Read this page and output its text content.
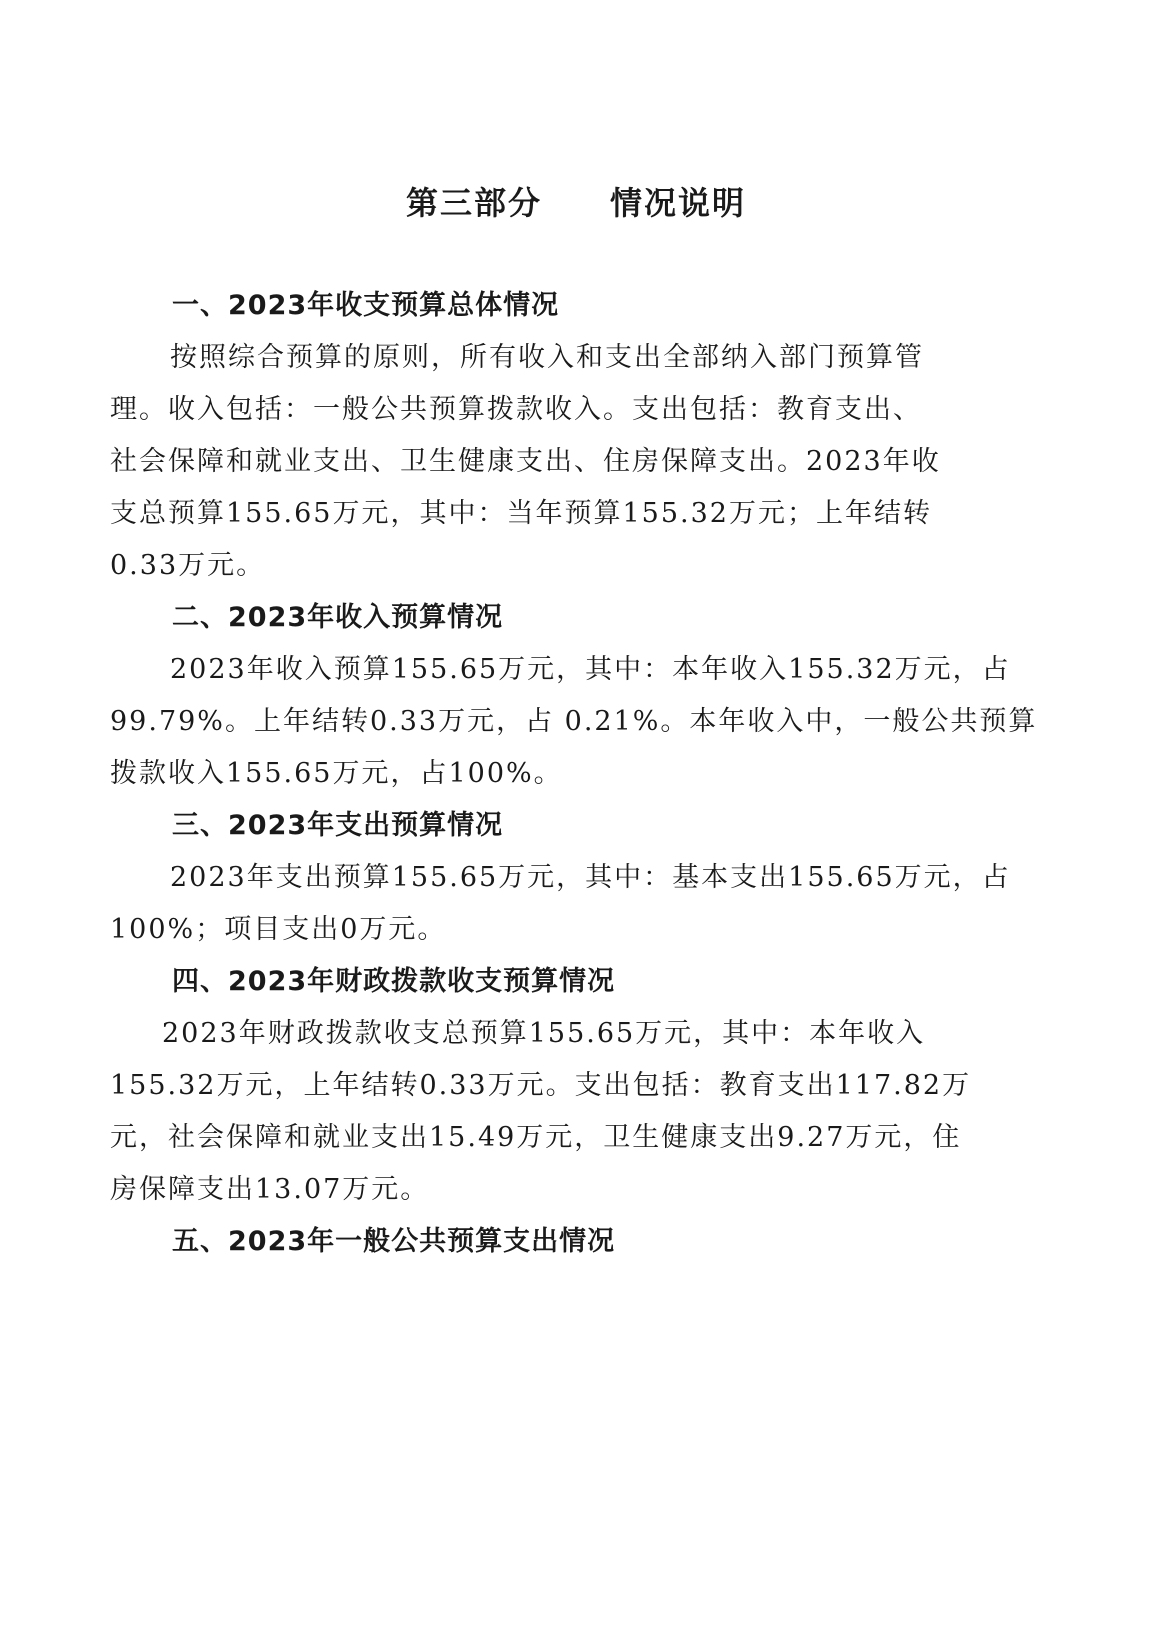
第三部分　　情况说明
一、2023年收支预算总体情况
按照综合预算的原则，所有收入和支出全部纳入部门预算管
理。收入包括：一般公共预算拨款收入。支出包括：教育支出、
社会保障和就业支出、卫生健康支出、住房保障支出。2023年收
支总预算155.65万元，其中：当年预算155.32万元；上年结转
0.33万元。
二、2023年收入预算情况
2023年收入预算155.65万元，其中：本年收入155.32万元，占
99.79%。上年结转0.33万元，占 0.21%。本年收入中，一般公共预算
拨款收入155.65万元，占100%。
三、2023年支出预算情况
2023年支出预算155.65万元，其中：基本支出155.65万元，占
100%；项目支出0万元。
四、2023年财政拨款收支预算情况
2023年财政拨款收支总预算155.65万元，其中：本年收入
155.32万元，上年结转0.33万元。支出包括：教育支出117.82万
元，社会保障和就业支出15.49万元，卫生健康支出9.27万元，住
房保障支出13.07万元。
五、2023年一般公共预算支出情况
